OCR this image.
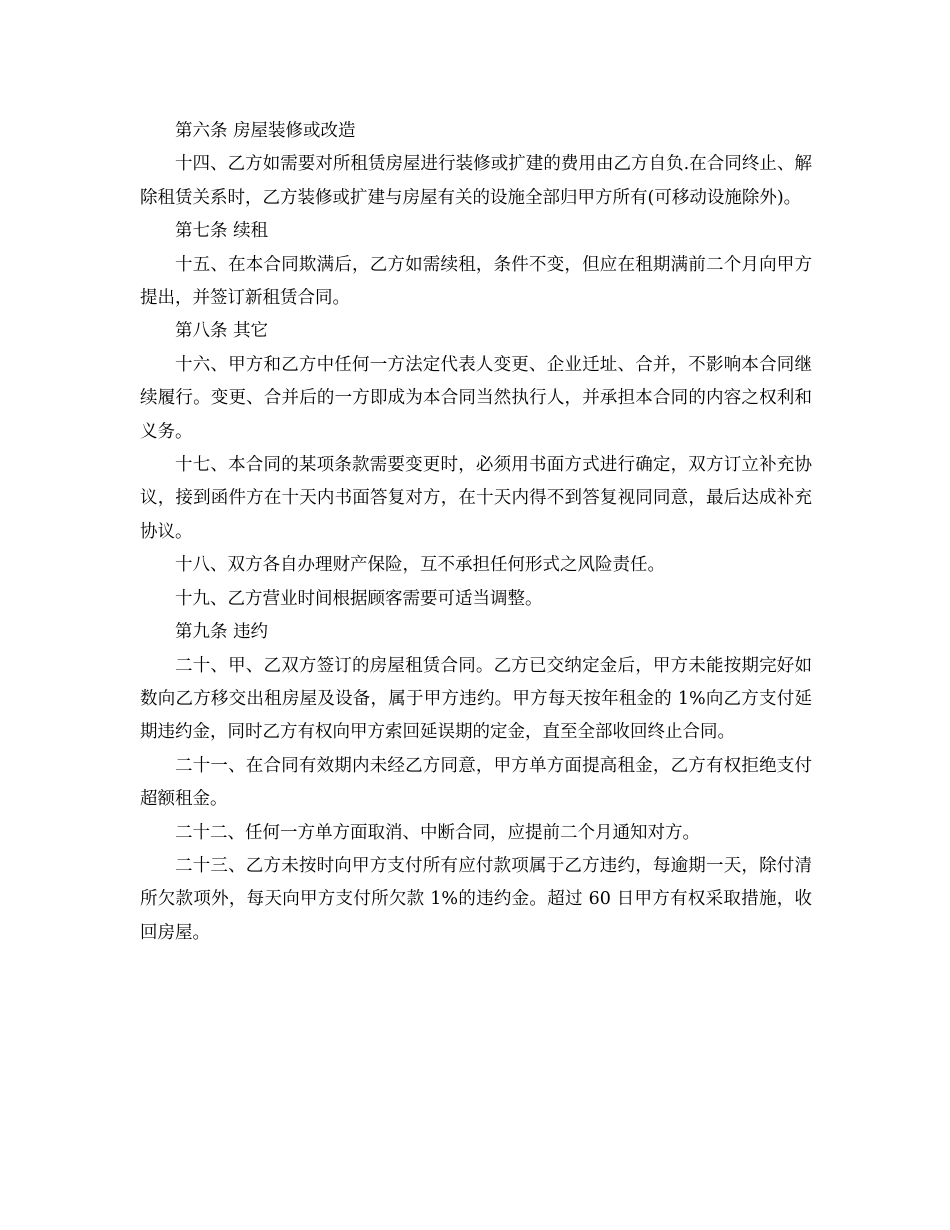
第六条 房屋装修或改造

十四、乙方如需要对所租赁房屋进行装修或扩建的费用由乙方自负.在合同终止、解除租赁关系时，乙方装修或扩建与房屋有关的设施全部归甲方所有(可移动设施除外)。

第七条 续租

十五、在本合同欺满后，乙方如需续租，条件不变，但应在租期满前二个月向甲方提出，并签订新租赁合同。

第八条 其它

十六、甲方和乙方中任何一方法定代表人变更、企业迁址、合并，不影响本合同继续履行。变更、合并后的一方即成为本合同当然执行人，并承担本合同的内容之权利和义务。

十七、本合同的某项条款需要变更时，必须用书面方式进行确定，双方订立补充协议，接到函件方在十天内书面答复对方，在十天内得不到答复视同同意，最后达成补充协议。

十八、双方各自办理财产保险，互不承担任何形式之风险责任。

十九、乙方营业时间根据顾客需要可适当调整。

第九条 违约

二十、甲、乙双方签订的房屋租赁合同。乙方已交纳定金后，甲方未能按期完好如数向乙方移交出租房屋及设备，属于甲方违约。甲方每天按年租金的 1%向乙方支付延期违约金，同时乙方有权向甲方索回延误期的定金，直至全部收回终止合同。

二十一、在合同有效期内未经乙方同意，甲方单方面提高租金，乙方有权拒绝支付超额租金。

二十二、任何一方单方面取消、中断合同，应提前二个月通知对方。

二十三、乙方未按时向甲方支付所有应付款项属于乙方违约，每逾期一天，除付清所欠款项外，每天向甲方支付所欠款 1%的违约金。超过 60 日甲方有权采取措施，收回房屋。
